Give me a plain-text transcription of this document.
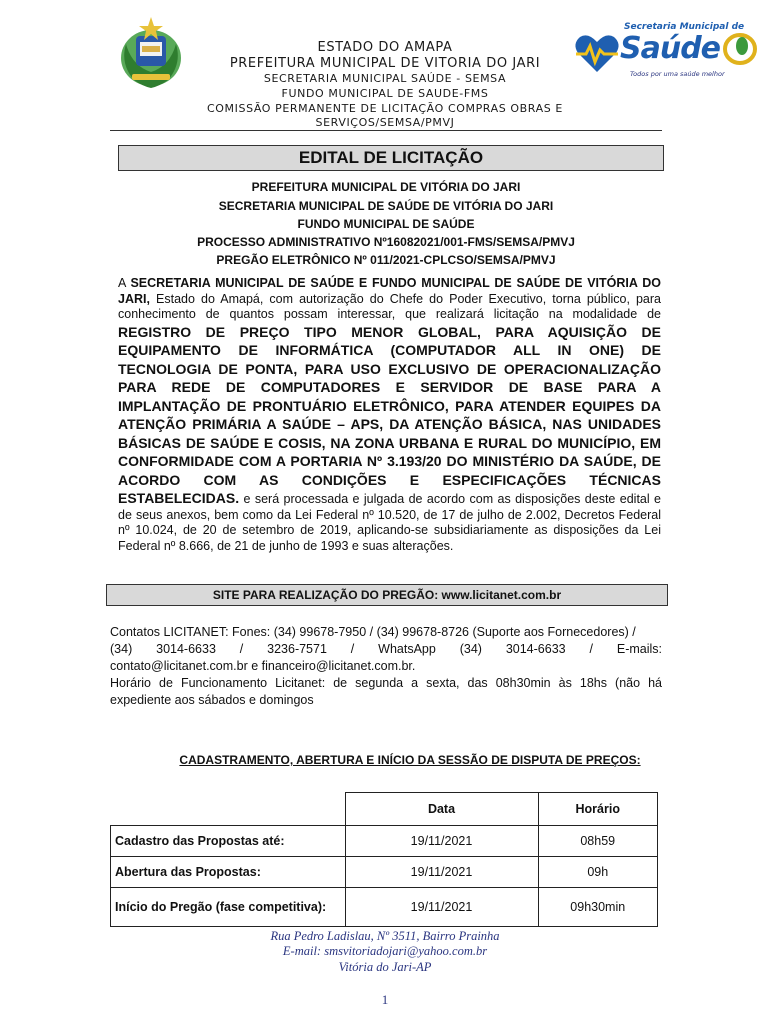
ESTADO DO AMAPA
PREFEITURA MUNICIPAL DE VITORIA DO JARI
SECRETARIA MUNICIPAL SAÚDE - SEMSA
FUNDO MUNICIPAL DE SAUDE-FMS
COMISSÃO PERMANENTE DE LICITAÇÃO COMPRAS OBRAS E
SERVIÇOS/SEMSA/PMVJ
Secretaria Municipal de
Saúde
Todos por uma saúde melhor
EDITAL DE LICITAÇÃO
PREFEITURA MUNICIPAL DE VITÓRIA DO JARI
SECRETARIA MUNICIPAL DE SAÚDE DE VITÓRIA DO JARI
FUNDO MUNICIPAL DE SAÚDE
PROCESSO ADMINISTRATIVO Nº16082021/001-FMS/SEMSA/PMVJ
PREGÃO ELETRÔNICO Nº 011/2021-CPLCSO/SEMSA/PMVJ
A SECRETARIA MUNICIPAL DE SAÚDE E FUNDO MUNICIPAL DE SAÚDE DE VITÓRIA DO JARI, Estado do Amapá, com autorização do Chefe do Poder Executivo, torna público, para conhecimento de quantos possam interessar, que realizará licitação na modalidade de REGISTRO DE PREÇO TIPO MENOR GLOBAL, PARA AQUISIÇÃO DE EQUIPAMENTO DE INFORMÁTICA (COMPUTADOR ALL IN ONE) DE TECNOLOGIA DE PONTA, PARA USO EXCLUSIVO DE OPERACIONALIZAÇÃO PARA REDE DE COMPUTADORES E SERVIDOR DE BASE PARA A IMPLANTAÇÃO DE PRONTUÁRIO ELETRÔNICO, PARA ATENDER EQUIPES DA ATENÇÃO PRIMÁRIA A SAÚDE – APS, DA ATENÇÃO BÁSICA, NAS UNIDADES BÁSICAS DE SAÚDE E COSIS, NA ZONA URBANA E RURAL DO MUNICÍPIO, EM CONFORMIDADE COM A PORTARIA Nº 3.193/20 DO MINISTÉRIO DA SAÚDE, DE ACORDO COM AS CONDIÇÕES E ESPECIFICAÇÕES TÉCNICAS ESTABELECIDAS. e será processada e julgada de acordo com as disposições deste edital e de seus anexos, bem como da Lei Federal nº 10.520, de 17 de julho de 2.002, Decretos Federal nº 10.024, de 20 de setembro de 2019, aplicando-se subsidiariamente as disposições da Lei Federal nº 8.666, de 21 de junho de 1993 e suas alterações.
SITE PARA REALIZAÇÃO DO PREGÃO: www.licitanet.com.br
Contatos LICITANET: Fones: (34) 99678-7950 / (34) 99678-8726 (Suporte aos Fornecedores) /
(34) 3014-6633 / 3236-7571 / WhatsApp (34) 3014-6633 / E-mails:
contato@licitanet.com.br e financeiro@licitanet.com.br.
Horário de Funcionamento Licitanet: de segunda a sexta, das 08h30min às 18hs (não há expediente aos sábados e domingos
CADASTRAMENTO, ABERTURA E INÍCIO DA SESSÃO DE DISPUTA DE PREÇOS:
	Data	Horário
Cadastro das Propostas até:	19/11/2021	08h59
Abertura das Propostas:	19/11/2021	09h
Início do Pregão (fase competitiva):	19/11/2021	09h30min
Rua Pedro Ladislau, Nº 3511, Bairro Prainha
E-mail: smsvitoriadojari@yahoo.com.br
Vitória do Jari-AP
1
